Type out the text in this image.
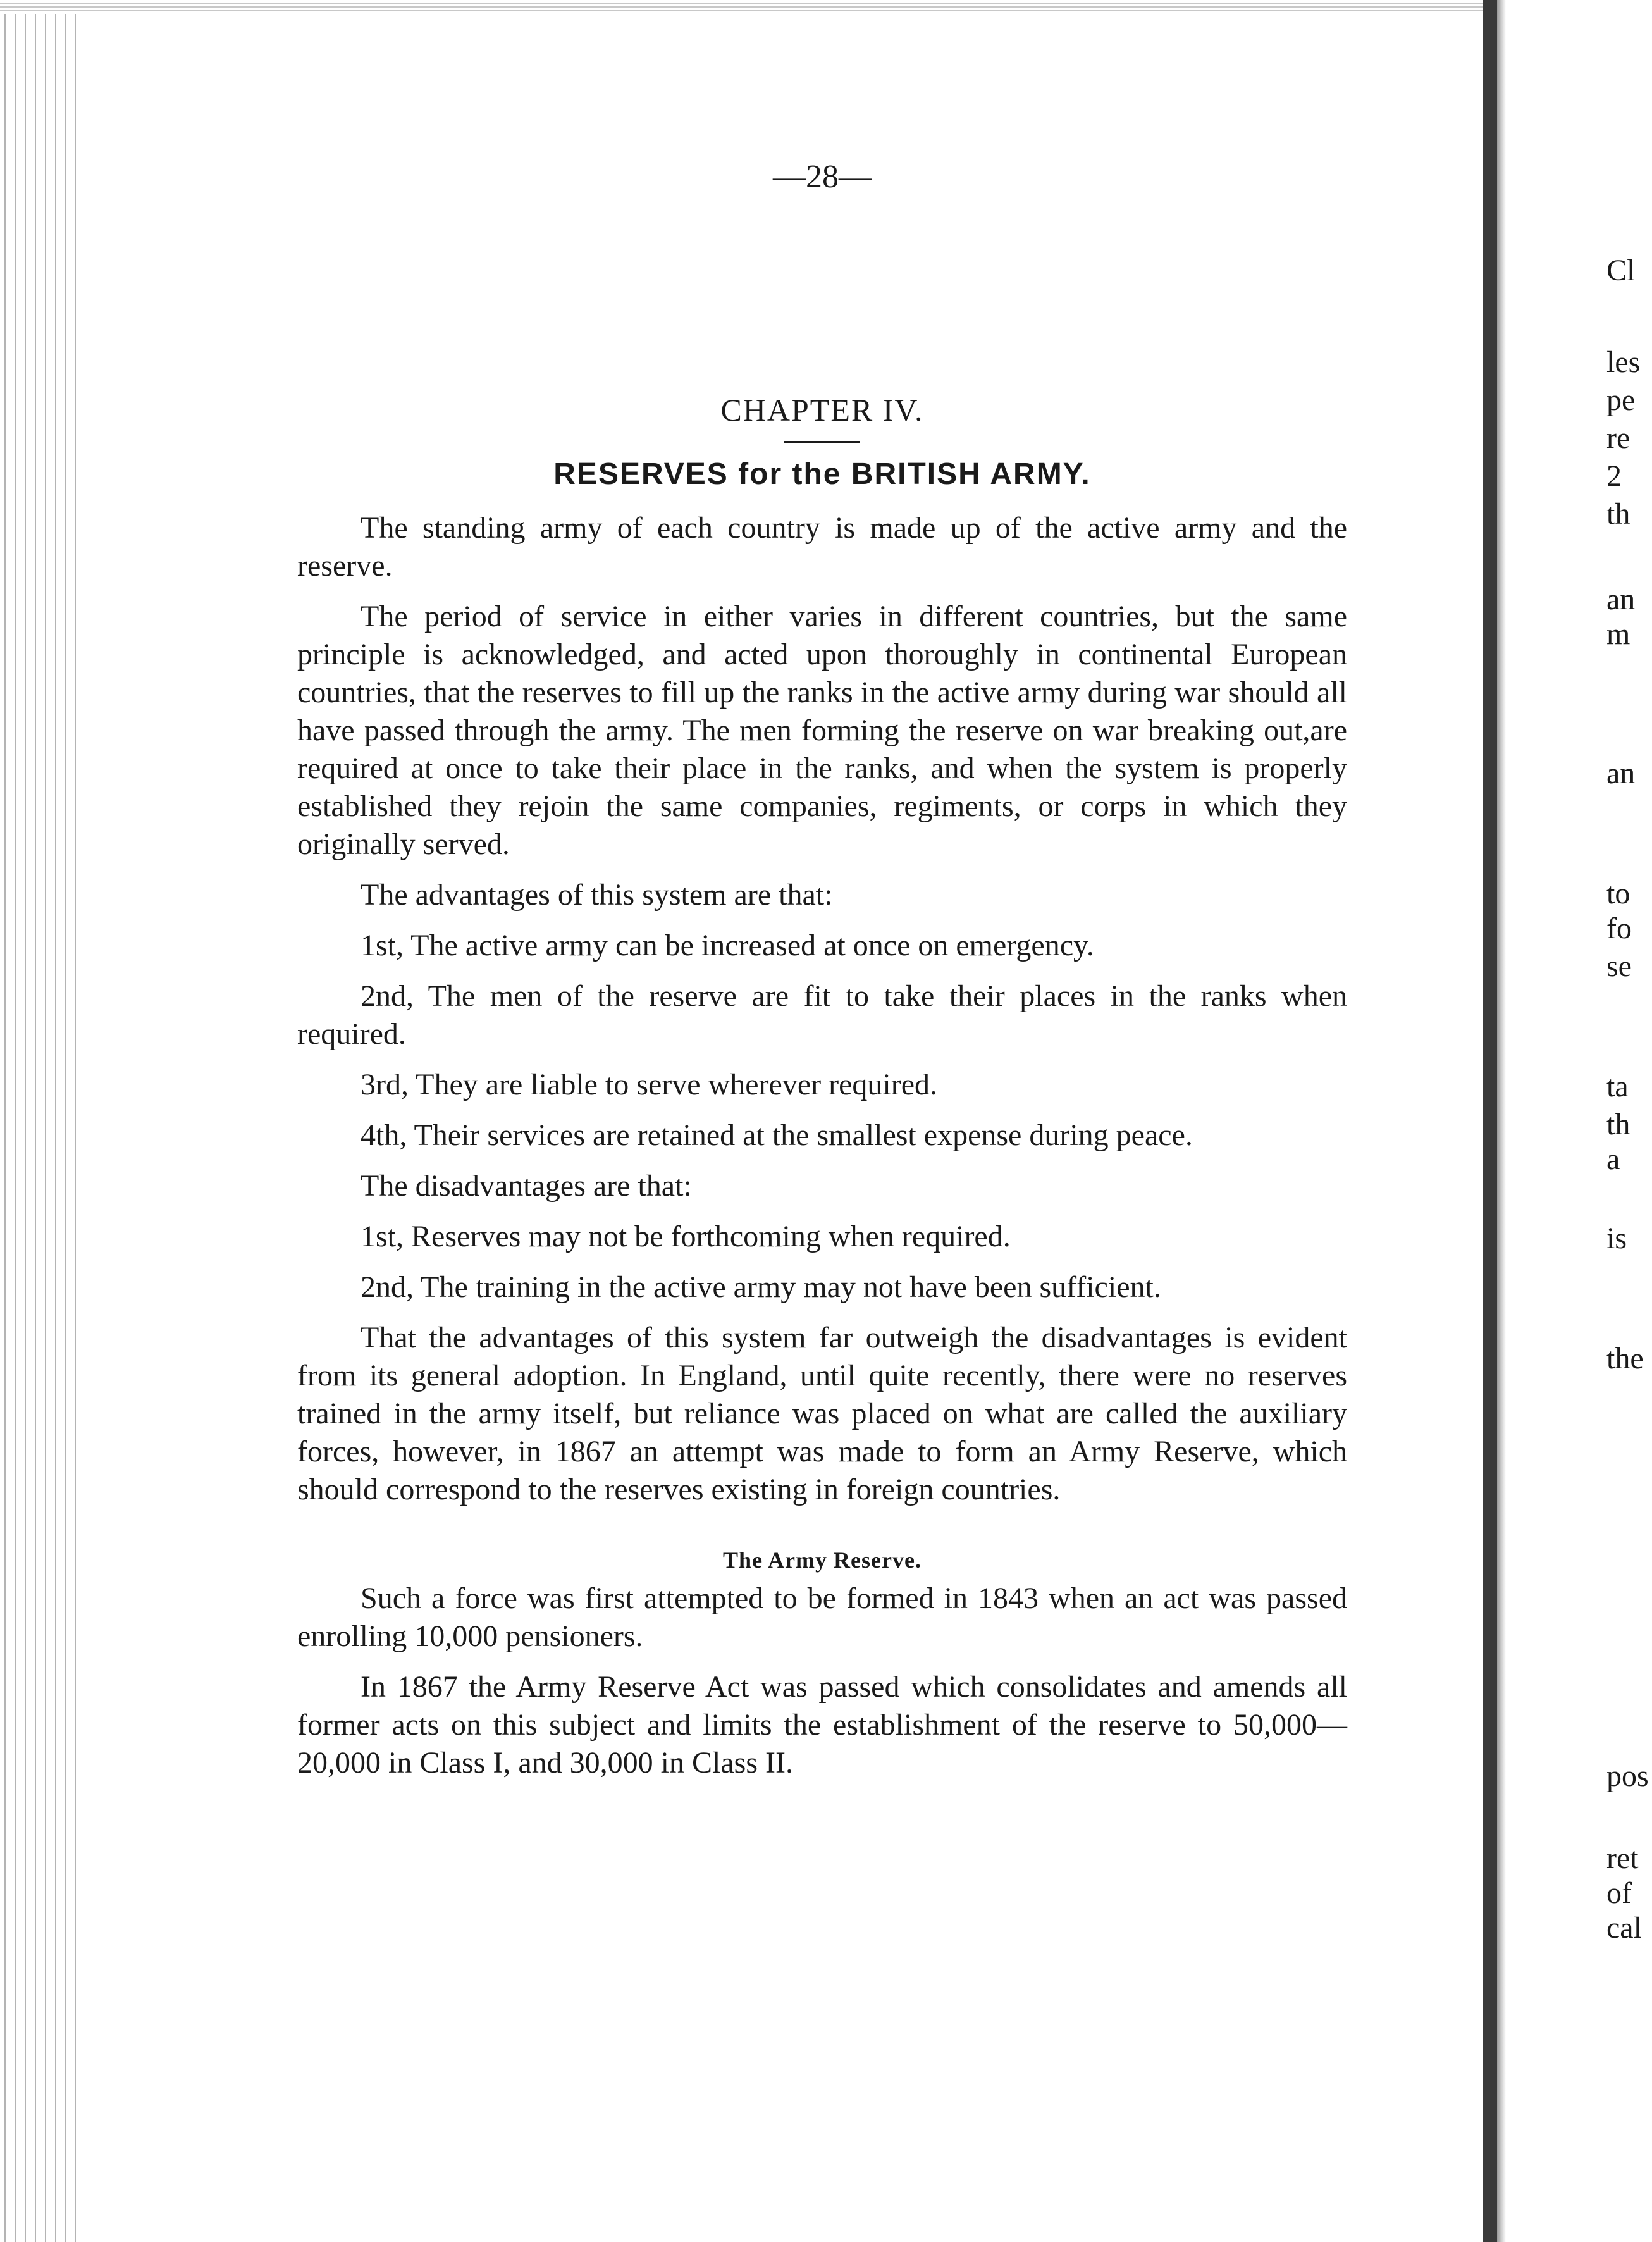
—28—
CHAPTER IV.
RESERVES for the BRITISH ARMY.

The standing army of each country is made up of the active army and the reserve.

The period of service in either varies in different countries, but the same principle is acknowledged, and acted upon thoroughly in continental European countries, that the reserves to fill up the ranks in the active army during war should all have passed through the army. The men forming the reserve on war breaking out,are required at once to take their place in the ranks, and when the system is properly established they rejoin the same companies, regiments, or corps in which they originally served.

The advantages of this system are that:

1st, The active army can be increased at once on emergency.

2nd, The men of the reserve are fit to take their places in the ranks when required.

3rd, They are liable to serve wherever required.

4th, Their services are retained at the smallest expense during peace.

The disadvantages are that:

1st, Reserves may not be forthcoming when required.

2nd, The training in the active army may not have been sufficient.

That the advantages of this system far outweigh the disadvantages is evident from its general adoption. In England, until quite recently, there were no reserves trained in the army itself, but reliance was placed on what are called the auxiliary forces, however, in 1867 an attempt was made to form an Army Reserve, which should correspond to the reserves existing in foreign countries.

The Army Reserve.

Such a force was first attempted to be formed in 1843 when an act was passed enrolling 10,000 pensioners.

In 1867 the Army Reserve Act was passed which consolidates and amends all former acts on this subject and limits the establishment of the reserve to 50,000—20,000 in Class I, and 30,000 in Class II.

Cl
les
pe
re
2
th
an
m
an
to
fo
se
ta
th
a
is
the
pos
ret
of
cal
